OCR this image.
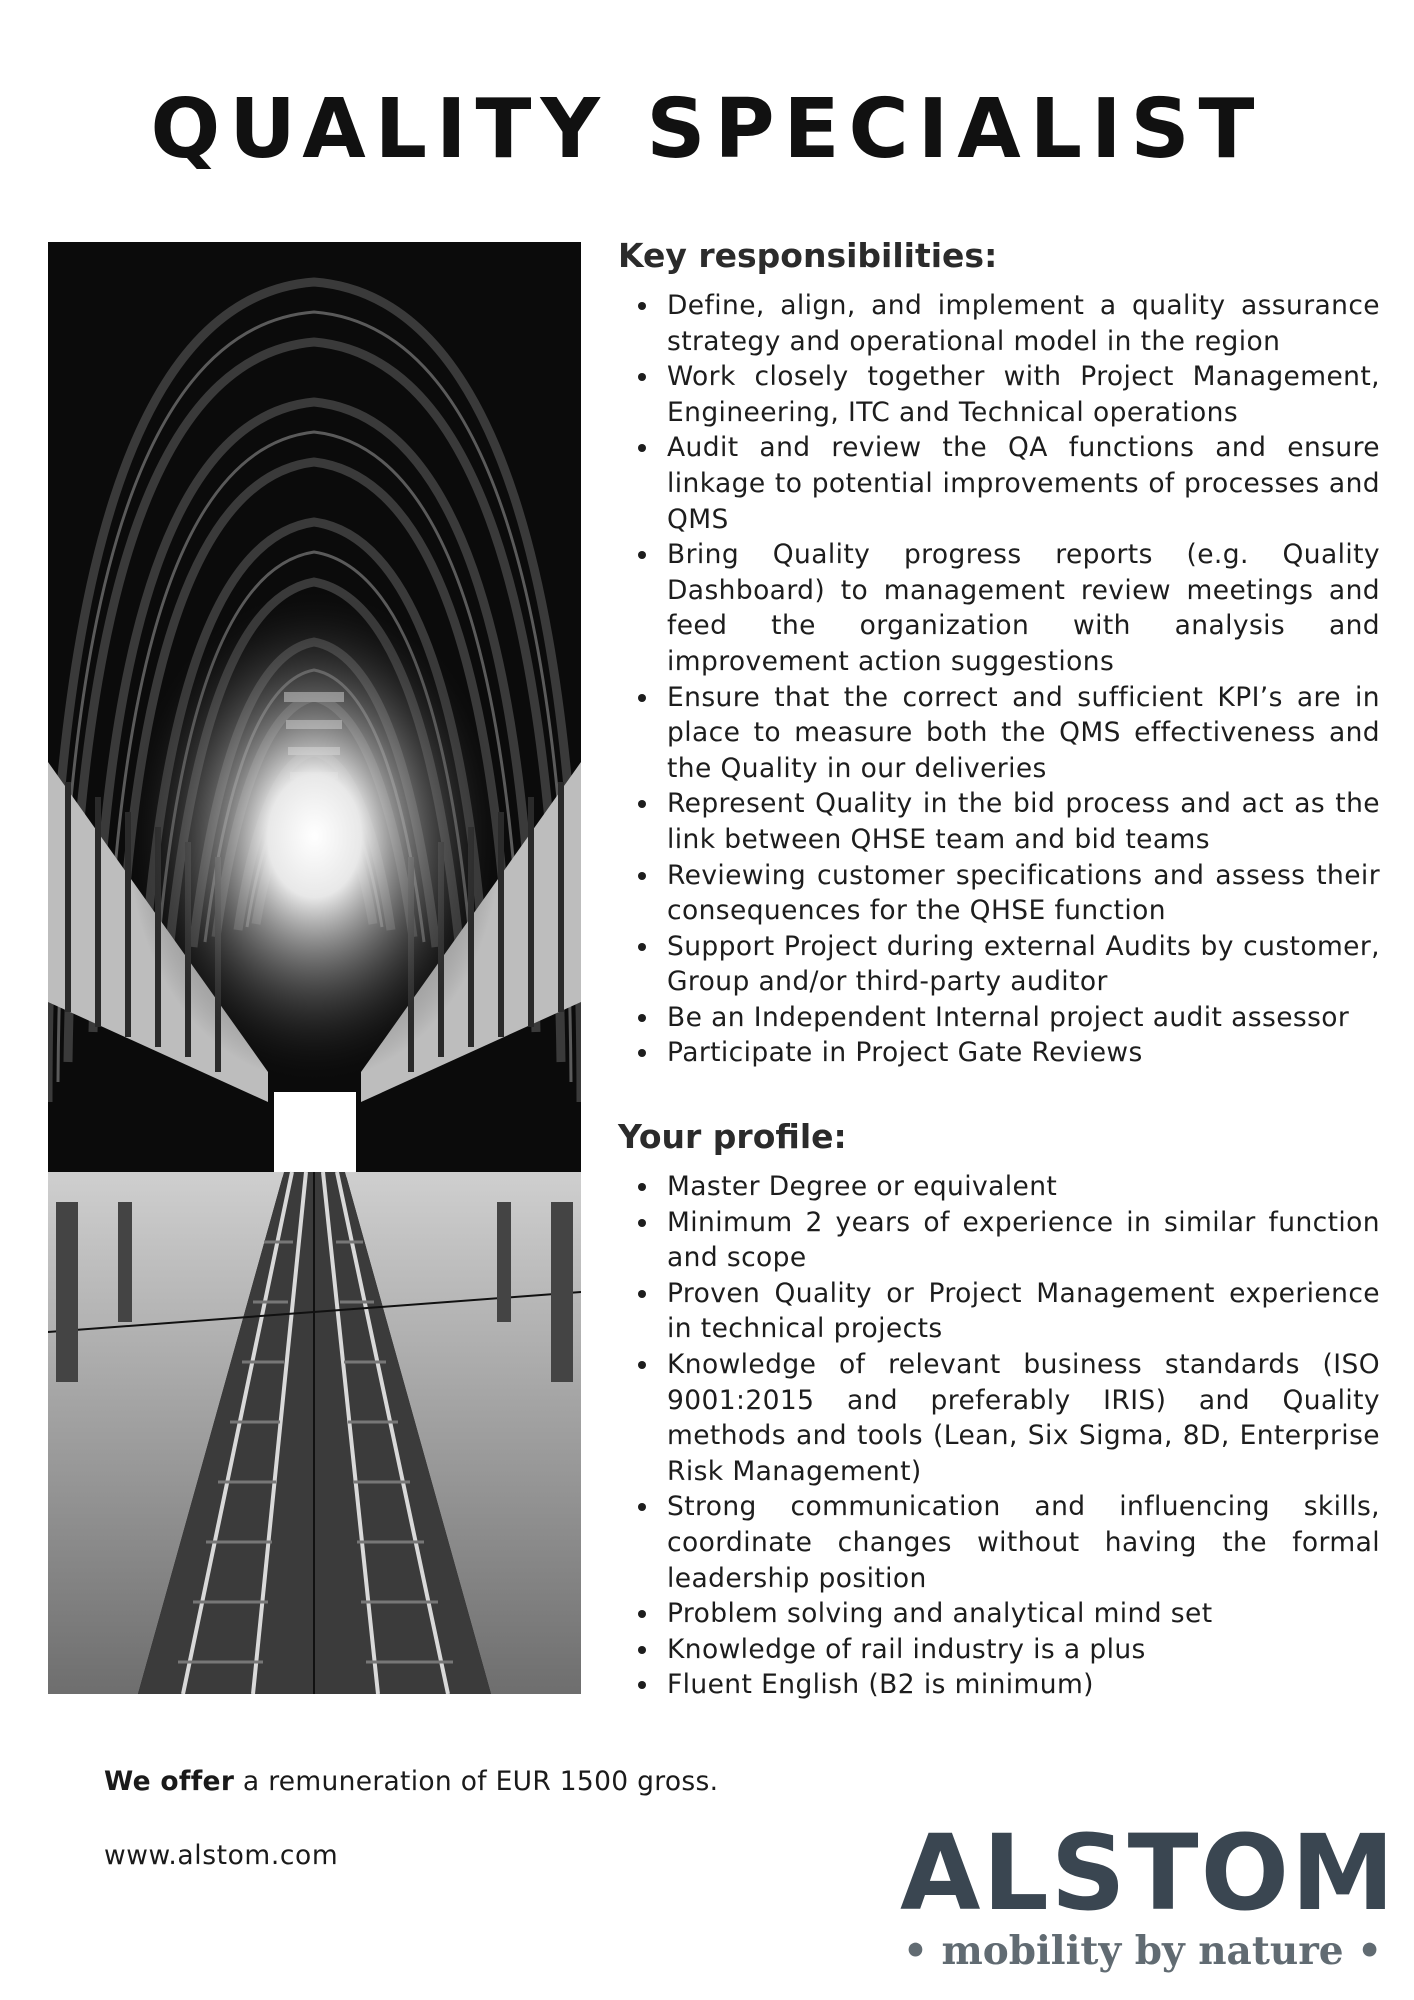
QUALITY SPECIALIST
Key responsibilities:
Define, align, and implement a quality assurance strategy and operational model in the region
Work closely together with Project Management, Engineering, ITC and Technical operations
Audit and review the QA functions and ensure linkage to potential improvements of processes and QMS
Bring Quality progress reports (e.g. Quality Dashboard) to management review meetings and feed the organization with analysis and improvement action suggestions
Ensure that the correct and sufficient KPI’s are in place to measure both the QMS effectiveness and the Quality in our deliveries
Represent Quality in the bid process and act as the link between QHSE team and bid teams
Reviewing customer specifications and assess their consequences for the QHSE function
Support Project during external Audits by customer, Group and/or third-party auditor
Be an Independent Internal project audit assessor
Participate in Project Gate Reviews
Your profile:
Master Degree or equivalent
Minimum 2 years of experience in similar function and scope
Proven Quality or Project Management experience in technical projects
Knowledge of relevant business standards (ISO 9001:2015 and preferably IRIS) and Quality methods and tools (Lean, Six Sigma, 8D, Enterprise Risk Management)
Strong communication and influencing skills, coordinate changes without having the formal leadership position
Problem solving and analytical mind set
Knowledge of rail industry is a plus
Fluent English (B2 is minimum)

We offer a remuneration of EUR 1500 gross.

www.alstom.com	ALSTOM
• mobility by nature •
